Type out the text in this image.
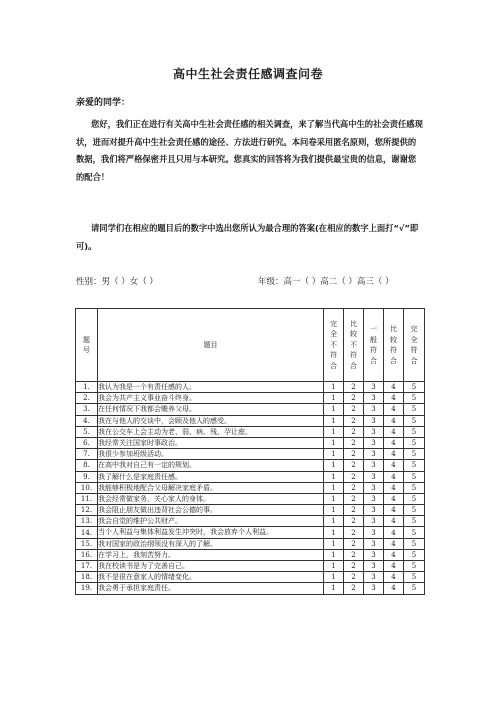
高中生社会责任感调查问卷
亲爱的同学：
您好，我们正在进行有关高中生社会责任感的相关调查，来了解当代高中生的社会责任感现状，进而对提升高中生社会责任感的途径、方法进行研究。本问卷采用匿名原则，您所提供的数据，我们将严格保密并且只用与本研究。您真实的回答将为我们提供最宝贵的信息，谢谢您的配合！
请同学们在相应的题目后的数字中选出您所认为最合理的答案(在相应的数字上面打“√”即可)。
性别：男（ ）女（ ）	年级：高一（ ）高二（ ）高三（ ）
题号	题目	完全不符合	比较不符合	一般符合	比较符合	完全符合

1.	我认为我是一个有责任感的人。	1	2	3	4	5
2.	我会为共产主义事业奋斗终身。	1	2	3	4	5
3.	在任何情况下我都会赡养父母。	1	2	3	4	5
4.	我在与他人的交谈中，会顾及他人的感受。	1	2	3	4	5
5.	我在公交车上会主动为老、弱、病、残、孕让座。	1	2	3	4	5
6.	我经常关注国家时事政治。	1	2	3	4	5
7.	我很少参加班级活动。	1	2	3	4	5
8.	在高中我对自己有一定的规划。	1	2	3	4	5
9.	我了解什么是家庭责任感。	1	2	3	4	5
10.	我能够积极地配合父母解决家庭矛盾。	1	2	3	4	5
11.	我会经常做家务，关心家人的身体。	1	2	3	4	5
12.	我会阻止朋友做出违背社会公德的事。	1	2	3	4	5
13.	我会自觉的维护公共财产。	1	2	3	4	5
14.	当个人利益与集体利益发生冲突时，我会放弃个人利益。	1	2	3	4	5
15.	我对国家的政治纲领没有深入的了解。	1	2	3	4	5
16.	在学习上，我刻苦努力。	1	2	3	4	5
17.	我在校读书是为了完善自己。	1	2	3	4	5
18.	我不是很在意家人的情绪变化。	1	2	3	4	5
19.	我会勇于承担家庭责任。	1	2	3	4	5
